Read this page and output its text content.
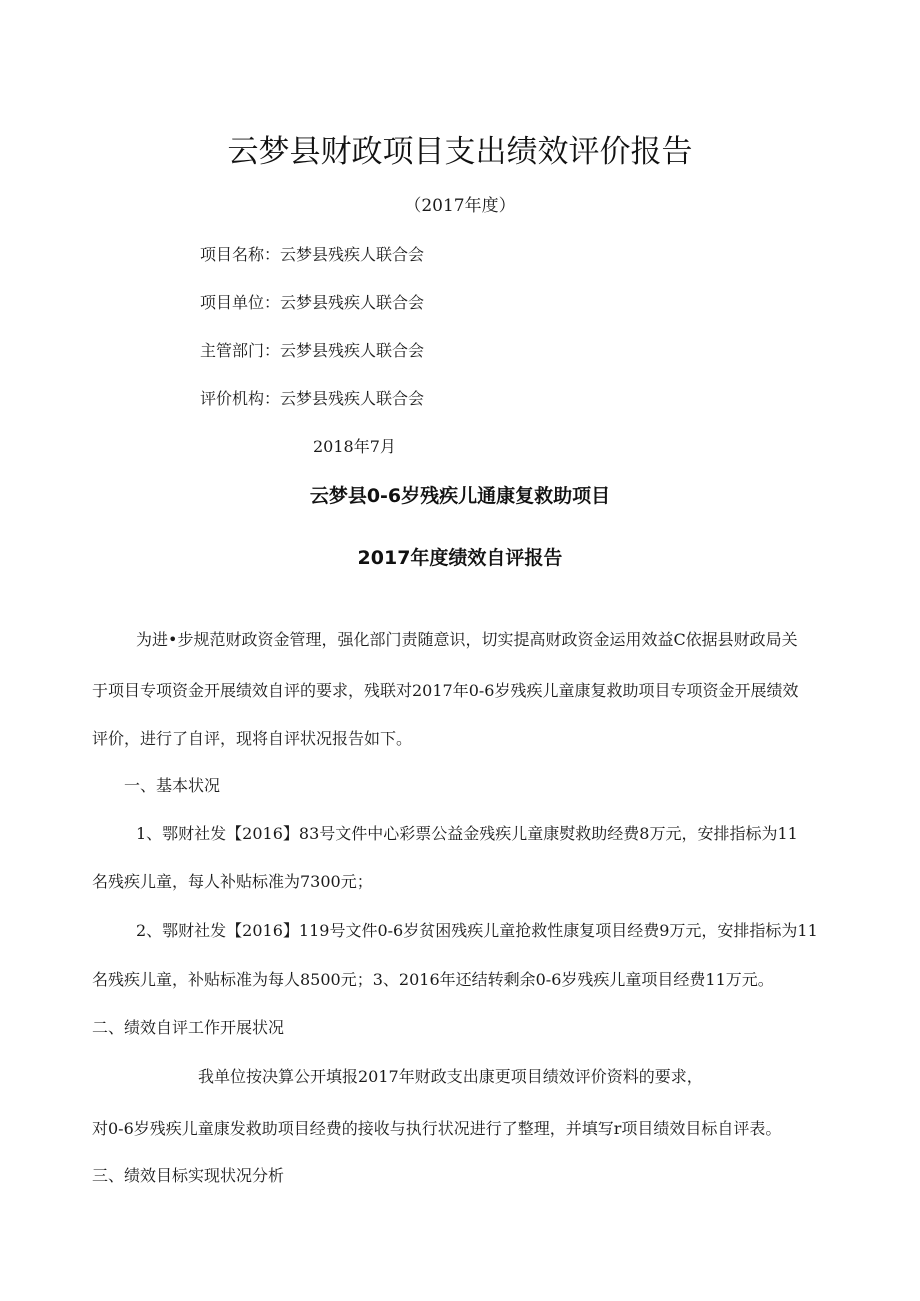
云梦县财政项目支出绩效评价报告
（2017年度）
项目名称：云梦县残疾人联合会
项目单位：云梦县残疾人联合会
主管部门：云梦县残疾人联合会
评价机构：云梦县残疾人联合会
2018年7月
云梦县0-6岁残疾儿通康复救助项目
2017年度绩效自评报告
为进•步规范财政资金管理，强化部门责随意识，切实提高财政资金运用效益C依据县财政局关
于项目专项资金开展绩效自评的要求，残联对2017年0-6岁残疾儿童康复救助项目专项资金开展绩效
评价，进行了自评，现将自评状况报告如下。
一、基本状况
1、鄂财社发【2016】83号文件中心彩票公益金残疾儿童康熨救助经费8万元，安排指标为11
名残疾儿童，每人补贴标准为7300元；
2、鄂财社发【2016】119号文件0-6岁贫困残疾儿童抢救性康复项目经费9万元，安排指标为11
名残疾儿童，补贴标准为每人8500元；3、2016年还结转剩余0-6岁残疾儿童项目经费11万元。
二、绩效自评工作开展状况
我单位按决算公开填报2017年财政支出康更项目绩效评价资料的要求，
对0-6岁残疾儿童康发救助项目经费的接收与执行状况进行了整理，并填写r项目绩效目标自评表。
三、绩效目标实现状况分析
